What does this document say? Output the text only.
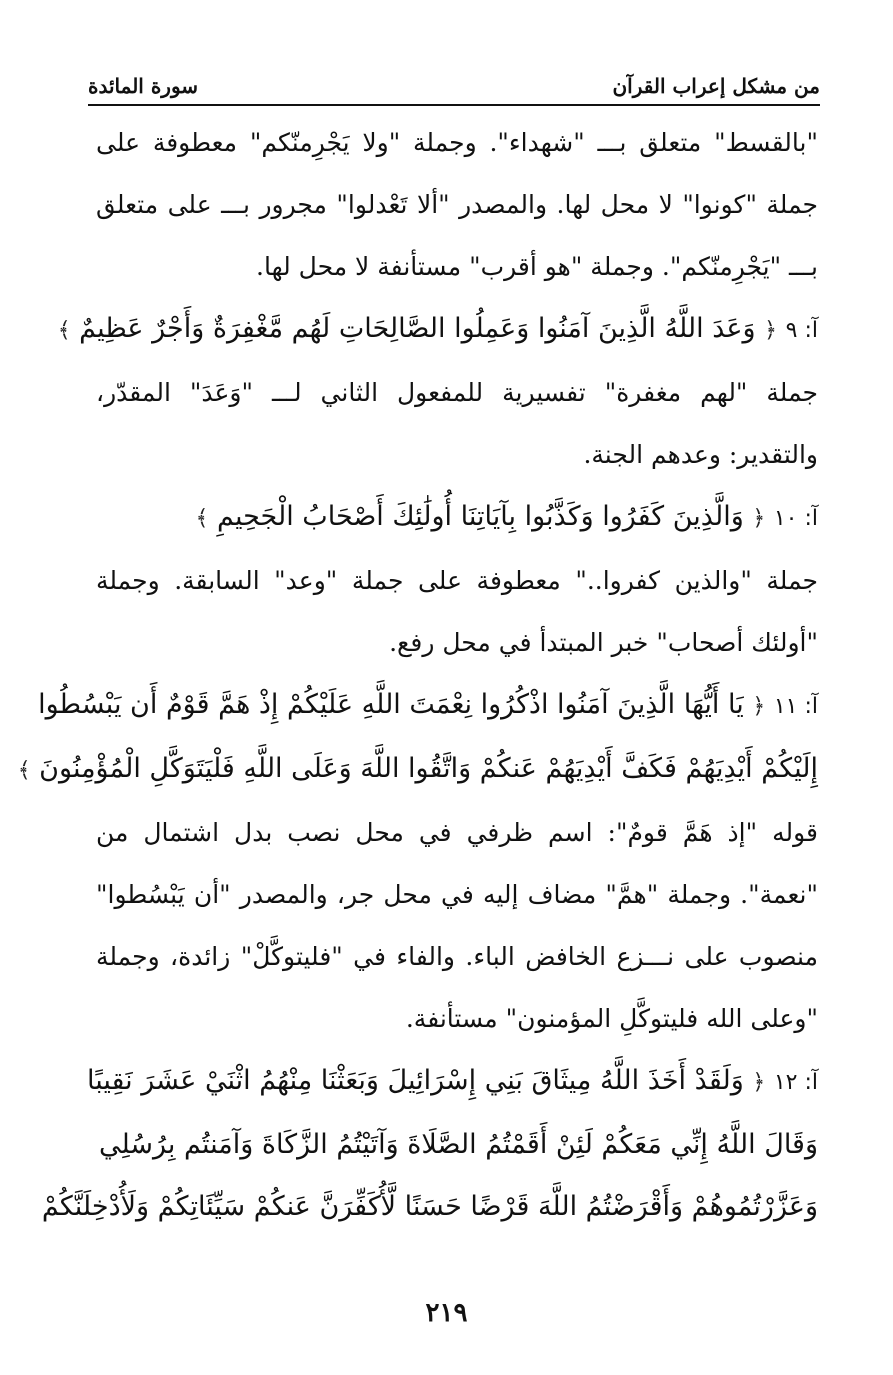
من مشكل إعراب القرآن
سورة المائدة

"بالقسط" متعلق بـــ "شهداء". وجملة "ولا يَجْرِمنّكم" معطوفة على جملة "كونوا" لا محل لها. والمصدر "ألا تَعْدلوا" مجرور بـــ على متعلق بـــ "يَجْرِمنّكم". وجملة "هو أقرب" مستأنفة لا محل لها.

آ: ٩ ﴿ وَعَدَ اللَّهُ الَّذِينَ آمَنُوا وَعَمِلُوا الصَّالِحَاتِ لَهُم مَّغْفِرَةٌ وَأَجْرٌ عَظِيمٌ ﴾

جملة "لهم مغفرة" تفسيرية للمفعول الثاني لـــ "وَعَدَ" المقدّر، والتقدير: وعدهم الجنة.

آ: ١٠ ﴿ وَالَّذِينَ كَفَرُوا وَكَذَّبُوا بِآيَاتِنَا أُولَٰئِكَ أَصْحَابُ الْجَحِيمِ ﴾

جملة "والذين كفروا.." معطوفة على جملة "وعد" السابقة. وجملة "أولئك أصحاب" خبر المبتدأ في محل رفع.

آ: ١١ ﴿ يَا أَيُّهَا الَّذِينَ آمَنُوا اذْكُرُوا نِعْمَتَ اللَّهِ عَلَيْكُمْ إِذْ هَمَّ قَوْمٌ أَن يَبْسُطُوا

إِلَيْكُمْ أَيْدِيَهُمْ فَكَفَّ أَيْدِيَهُمْ عَنكُمْ وَاتَّقُوا اللَّهَ وَعَلَى اللَّهِ فَلْيَتَوَكَّلِ الْمُؤْمِنُونَ ﴾

قوله "إذ هَمَّ قومٌ": اسم ظرفي في محل نصب بدل اشتمال من "نعمة". وجملة "همَّ" مضاف إليه في محل جر، والمصدر "أن يَبْسُطوا" منصوب على نـــزع الخافض الباء. والفاء في "فليتوكَّلْ" زائدة، وجملة "وعلى الله فليتوكَّلِ المؤمنون" مستأنفة.

آ: ١٢ ﴿ وَلَقَدْ أَخَذَ اللَّهُ مِيثَاقَ بَنِي إِسْرَائِيلَ وَبَعَثْنَا مِنْهُمُ اثْنَيْ عَشَرَ نَقِيبًا

وَقَالَ اللَّهُ إِنِّي مَعَكُمْ لَئِنْ أَقَمْتُمُ الصَّلَاةَ وَآتَيْتُمُ الزَّكَاةَ وَآمَنتُم بِرُسُلِي

وَعَزَّرْتُمُوهُمْ وَأَقْرَضْتُمُ اللَّهَ قَرْضًا حَسَنًا لَّأُكَفِّرَنَّ عَنكُمْ سَيِّئَاتِكُمْ وَلَأُدْخِلَنَّكُمْ

٢١٩
